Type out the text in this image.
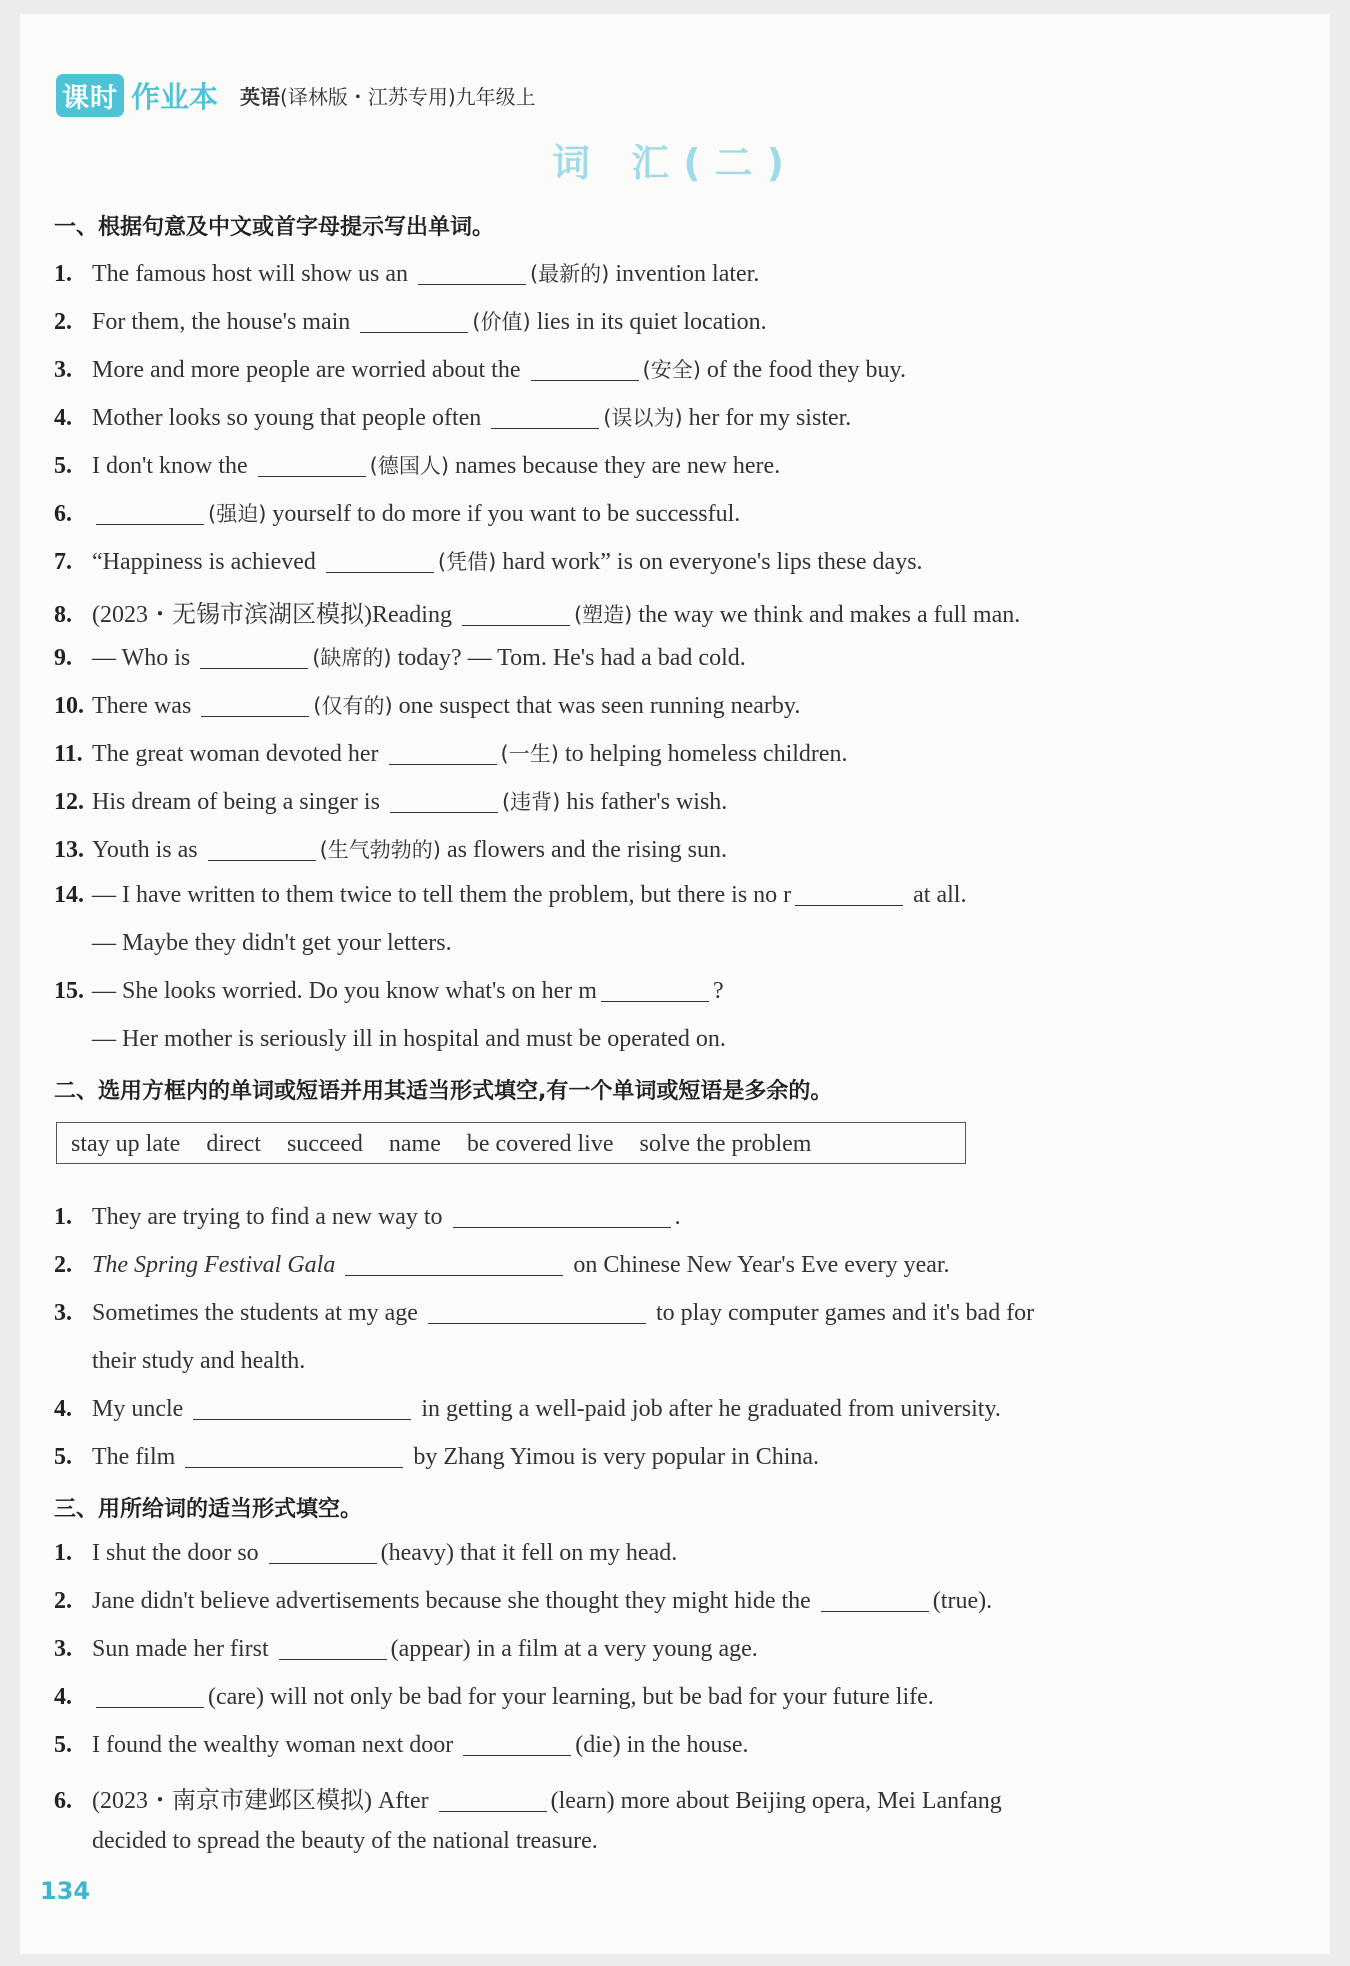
课时 作业本 英语(译林版・江苏专用)九年级上
词 汇(二)
一、根据句意及中文或首字母提示写出单词。
1. The famous host will show us an	(最新的) invention later.
2. For them, the house's main	(价值) lies in its quiet location.
3. More and more people are worried about the	(安全) of the food they buy.
4. Mother looks so young that people often	(误以为) her for my sister.
5. I don't know the	(德国人) names because they are new here.
6.	(强迫) yourself to do more if you want to be successful.
7. “Happiness is achieved	(凭借) hard work” is on everyone's lips these days.
8. (2023・无锡市滨湖区模拟)Reading	(塑造) the way we think and makes a full man.
9. — Who is	(缺席的) today? — Tom. He's had a bad cold.
10. There was	(仅有的) one suspect that was seen running nearby.
11. The great woman devoted her	(一生) to helping homeless children.
12. His dream of being a singer is	(违背) his father's wish.
13. Youth is as	(生气勃勃的) as flowers and the rising sun.
14. — I have written to them twice to tell them the problem, but there is no r	at all.
— Maybe they didn't get your letters.
15. — She looks worried. Do you know what's on her m	?
— Her mother is seriously ill in hospital and must be operated on.
二、选用方框内的单词或短语并用其适当形式填空,有一个单词或短语是多余的。
stay up late direct succeed name be covered live solve the problem
1. They are trying to find a new way to	.
2. The Spring Festival Gala	on Chinese New Year's Eve every year.
3. Sometimes the students at my age	to play computer games and it's bad for
their study and health.
4. My uncle	in getting a well-paid job after he graduated from university.
5. The film	by Zhang Yimou is very popular in China.
三、用所给词的适当形式填空。
1. I shut the door so	(heavy) that it fell on my head.
2. Jane didn't believe advertisements because she thought they might hide the	(true).
3. Sun made her first	(appear) in a film at a very young age.
4.	(care) will not only be bad for your learning, but be bad for your future life.
5. I found the wealthy woman next door	(die) in the house.
6. (2023・南京市建邺区模拟) After	(learn) more about Beijing opera, Mei Lanfang
decided to spread the beauty of the national treasure.
134
